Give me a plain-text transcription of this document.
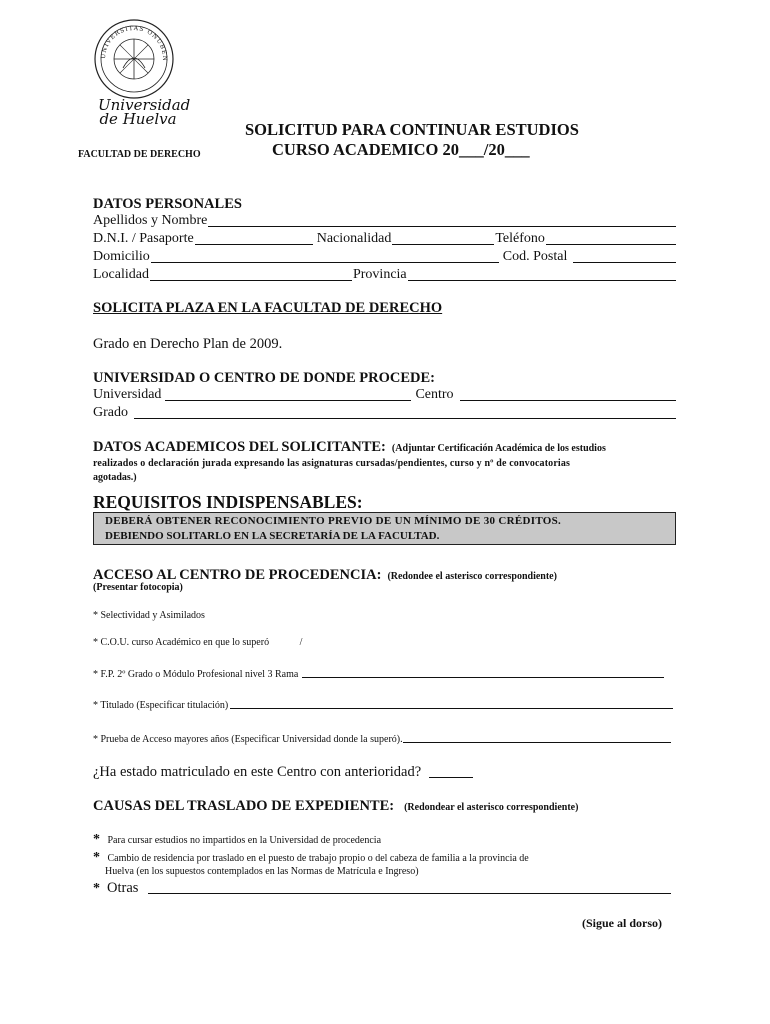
UNIVERSITAS ONUBEN
Universidad
de Huelva
FACULTAD DE DERECHO
SOLICITUD PARA CONTINUAR ESTUDIOS
CURSO ACADEMICO 20___/20___
DATOS PERSONALES
Apellidos y Nombre
D.N.I. / Pasaporte	Nacionalidad	Teléfono
Domicilio	Cod. Postal
Localidad	Provincia
SOLICITA PLAZA EN LA FACULTAD DE DERECHO
Grado en Derecho Plan de 2009.
UNIVERSIDAD O CENTRO DE DONDE PROCEDE:
Universidad	Centro
Grado
DATOS ACADEMICOS DEL SOLICITANTE: (Adjuntar Certificación Académica de los estudios
realizados o declaración jurada expresando las asignaturas cursadas/pendientes, curso y nº de convocatorias
agotadas.)
REQUISITOS INDISPENSABLES:
DEBERÁ OBTENER RECONOCIMIENTO PREVIO DE UN MÍNIMO DE 30 CRÉDITOS.
DEBIENDO SOLITARLO EN LA SECRETARÍA DE LA FACULTAD.
ACCESO AL CENTRO DE PROCEDENCIA: (Redondee el asterisco correspondiente)
(Presentar fotocopia)
* Selectividad y Asimilados
* C.O.U. curso Académico en que lo superó	/
* F.P. 2º Grado o Módulo Profesional nivel 3 Rama
* Titulado (Especificar titulación)
* Prueba de Acceso mayores años (Especificar Universidad donde la superó).
¿Ha estado matriculado en este Centro con anterioridad?
CAUSAS DEL TRASLADO DE EXPEDIENTE: (Redondear el asterisco correspondiente)
* Para cursar estudios no impartidos en la Universidad de procedencia
* Cambio de residencia por traslado en el puesto de trabajo propio o del cabeza de familia a la provincia de
Huelva (en los supuestos contemplados en las Normas de Matrícula e Ingreso)
* Otras
(Sigue al dorso)
